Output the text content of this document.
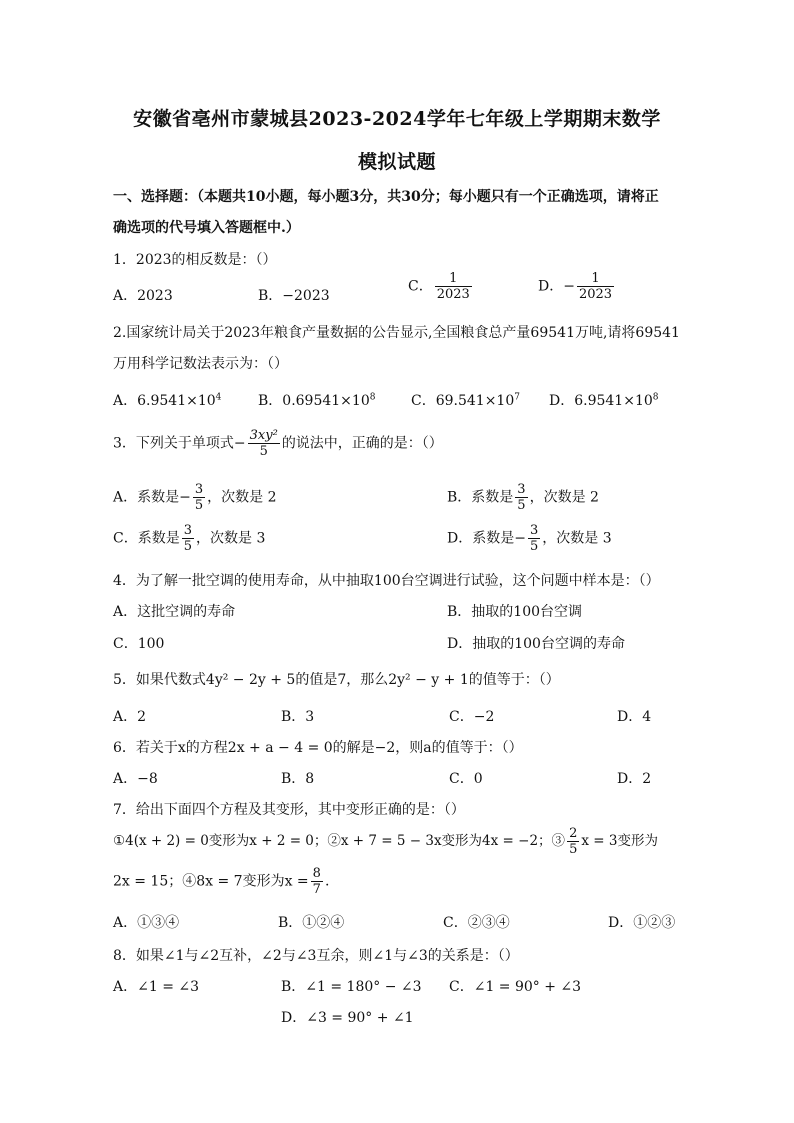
安徽省亳州市蒙城县2023-2024学年七年级上学期期末数学
模拟试题
一、选择题：（本题共10小题，每小题3分，共30分；每小题只有一个正确选项，请将正
确选项的代号填入答题框中.）
1．2023的相反数是：（）
A．2023	B．−2023
C． $\frac{1}{2023}$	D．− $\frac{1}{2023}$
2.国家统计局关于2023年粮食产量数据的公告显示,全国粮食总产量69541万吨,请将69541
万用科学记数法表示为：（）
A．$6.9541\times 10^4$	B．$0.69541\times 10^8$	C．$69.541\times 10^7$ D．$6.9541\times 10^8$
3．下列关于单项式− $\frac{\text{3xy²}}{5}$ 的说法中，正确的是：（）
A．系数是− $\frac{3}{5}$ ，次数是 2	B．系数是 $\frac{3}{5}$ ，次数是 2
C．系数是 $\frac{3}{5}$ ，次数是 3	D．系数是− $\frac{3}{5}$ ，次数是 3
4．为了解一批空调的使用寿命，从中抽取100台空调进行试验，这个问题中样本是：（）
A．这批空调的寿命	B．抽取的100台空调
C．100	D．抽取的100台空调的寿命
5．如果代数式4y² − 2y + 5的值是7，那么2y² − y + 1的值等于：（）
A．2	B．3	C．−2	D．4
6．若关于x的方程2x + a − 4 = 0的解是−2，则a的值等于：（）
A．−8	B．8	C．0	D．2
7．给出下面四个方程及其变形，其中变形正确的是：（）
①4(x + 2) = 0变形为x + 2 = 0；②x + 7 = 5 − 3x变形为4x = −2；③ $\frac{2}{5}$ x = 3变形为
2x = 15；④8x = 7变形为$x = \frac{8}{7}$ .
A．①③④	B．①②④	C．②③④	D．①②③
8．如果∠1与∠2互补，∠2与∠3互余，则∠1与∠3的关系是：（）
A．∠1 = ∠3	B．∠1 = 180° − ∠3 C．∠1 = 90° + ∠3
D．∠3 = 90° + ∠1
